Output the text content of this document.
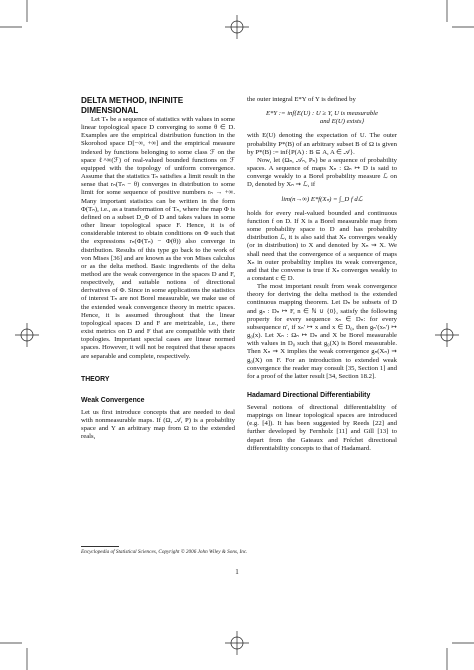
DELTA METHOD, INFINITE DIMENSIONAL

Let Tₙ be a sequence of statistics with values in some linear topological space D converging to some θ ∈ D. Examples are the empirical distribution function in the Skorohod space D[−∞, +∞] and the empirical measure indexed by functions belonging to some class ℱ on the space ℓ^∞(ℱ) of real-valued bounded functions on ℱ equipped with the topology of uniform convergence. Assume that the statistics Tₙ satisfies a limit result in the sense that rₙ(Tₙ − θ) converges in distribution to some limit for some sequence of positive numbers rₙ → +∞. Many important statistics can be written in the form Φ(Tₙ), i.e., as a transformation of Tₙ, where the map Φ is defined on a subset D_Φ of D and takes values in some other linear topological space F. Hence, it is of considerable interest to obtain conditions on Φ such that the expressions rₙ(Φ(Tₙ) − Φ(θ)) also converge in distribution. Results of this type go back to the work of von Mises [36] and are known as the von Mises calculus or as the delta method. Basic ingredients of the delta method are the weak convergence in the spaces D and F, respectively, and suitable notions of directional derivatives of Φ. Since in some applications the statistics of interest Tₙ are not Borel measurable, we make use of the extended weak convergence theory in metric spaces. Hence, it is assumed throughout that the linear topological spaces D and F are metrizable, i.e., there exist metrics on D and F that are compatible with their topologies. Important special cases are linear normed spaces. However, it will not be required that these spaces are separable and complete, respectively.

THEORY

Weak Convergence

Let us first introduce concepts that are needed to deal with nonmeasurable maps. If (Ω, 𝒜, P) is a probability space and Y an arbitrary map from Ω to the extended reals,

the outer integral E*Y of Y is defined by

E*Y := inf{E(U) : U ≥ Y, U is measurable

and E(U) exists}

with E(U) denoting the expectation of U. The outer probability P*(B) of an arbitrary subset B of Ω is given by P*(B) := inf{P(A) : B ⊆ A, A ∈ 𝒜}.

Now, let (Ωₙ, 𝒜ₙ, Pₙ) be a sequence of probability spaces. A sequence of maps Xₙ : Ωₙ ↦ D is said to converge weakly to a Borel probability measure ℒ on D, denoted by Xₙ ⇝ ℒ, if

lim(n→∞) E*f(Xₙ) = ∫_D f dℒ

holds for every real-valued bounded and continuous function f on D. If X is a Borel measurable map from some probability space to D and has probability distribution ℒ, it is also said that Xₙ converges weakly (or in distribution) to X and denoted by Xₙ ⇝ X. We shall need that the convergence of a sequence of maps Xₙ in outer probability implies its weak convergence, and that the converse is true if Xₙ converges weakly to a constant c ∈ D.

The most important result from weak convergence theory for deriving the delta method is the extended continuous mapping theorem. Let Dₙ be subsets of D and gₙ : Dₙ ↦ F, n ∈ ℕ ∪ {0}, satisfy the following property for every sequence xₙ ∈ Dₙ: for every subsequence n′, if xₙ′ ↦ x and x ∈ D₀, then gₙ′(xₙ′) ↦ g₀(x). Let Xₙ : Ωₙ ↦ Dₙ and X be Borel measurable with values in D₀ such that g₀(X) is Borel measurable. Then Xₙ ⇝ X implies the weak convergence gₙ(Xₙ) ⇝ g₀(X) on F. For an introduction to extended weak convergence the reader may consult [35, Section 1] and for a proof of the latter result [34, Section 18.2].

Hadamard Directional Differentiability

Several notions of directional differentiability of mappings on linear topological spaces are introduced (e.g. [4]). It has been suggested by Reeds [22] and further developed by Fernholz [11] and Gill [13] to depart from the Gateaux and Fréchet directional differentiability concepts to that of Hadamard.

Encyclopedia of Statistical Sciences, Copyright © 2006 John Wiley & Sons, Inc.
1
